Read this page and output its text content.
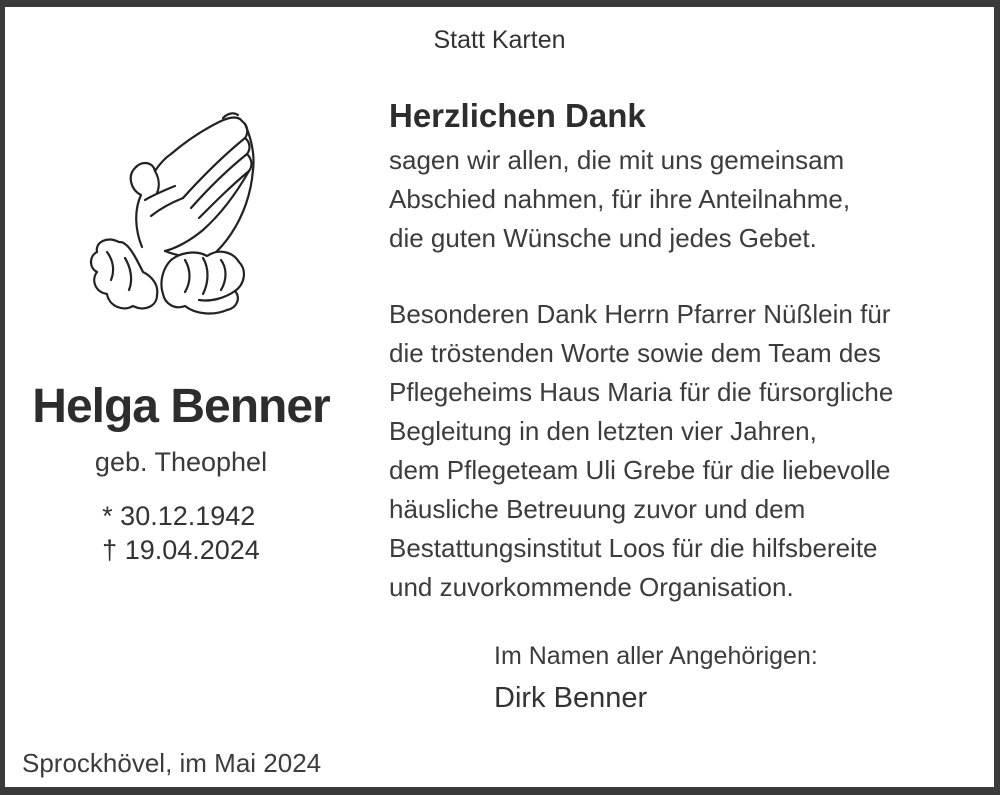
Statt Karten
Helga Benner
geb. Theophel
* 30.12.1942
† 19.04.2024
Herzlichen Dank
sagen wir allen, die mit uns gemeinsam
Abschied nahmen, für ihre Anteilnahme,
die guten Wünsche und jedes Gebet.
Besonderen Dank Herrn Pfarrer Nüßlein für
die tröstenden Worte sowie dem Team des
Pflegeheims Haus Maria für die fürsorgliche
Begleitung in den letzten vier Jahren,
dem Pflegeteam Uli Grebe für die liebevolle
häusliche Betreuung zuvor und dem
Bestattungsinstitut Loos für die hilfsbereite
und zuvorkommende Organisation.
Im Namen aller Angehörigen:
Dirk Benner
Sprockhövel, im Mai 2024
